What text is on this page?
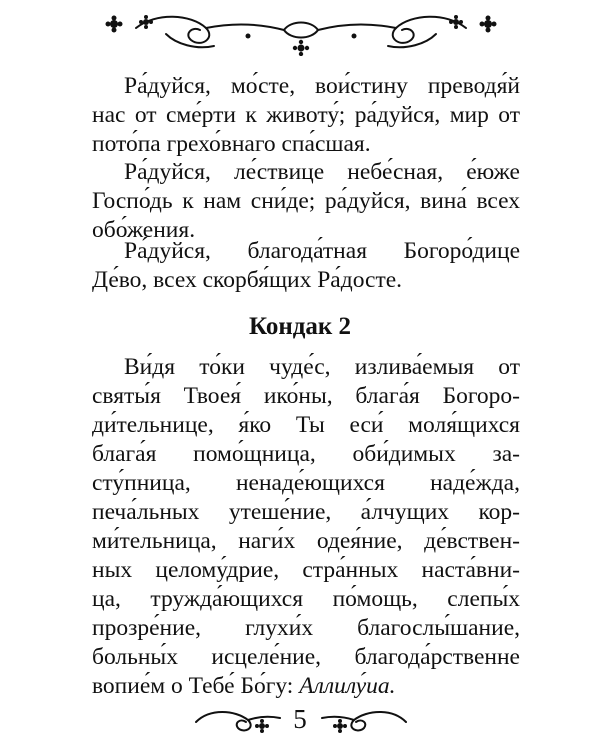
Ра́дуйся, мо́сте, вои́стину преводя́й
нас от сме́рти к животу́; ра́дуйся, мир от
пото́па грехо́внаго спа́сшая.
Ра́дуйся, ле́ствице небе́сная, е́юже
Госпо́дь к нам сни́де; ра́дуйся, вина́ всех
обо́жения.
Ра́дуйся, благода́тная Богоро́дице
Де́во, всех скорбя́щих Ра́досте.
Кондак 2
Ви́дя то́ки чуде́с, излива́емыя от
святы́я Твоея́ ико́ны, блага́я Богоро-
ди́тельнице, я́ко Ты еси́ моля́щихся
блага́я помо́щница, оби́димых за-
сту́пница, ненаде́ющихся наде́жда,
печа́льных утеше́ние, а́лчущих кор-
ми́тельница, наги́х одея́ние, де́вствен-
ных целому́дрие, стра́нных наста́вни-
ца, тружда́ющихся по́мощь, слепы́х
прозре́ние, глухи́х благослы́шание,
больны́х исцеле́ние, благода́рственне
вопие́м о Тебе́ Бо́гу: Аллилу́иа.
5
